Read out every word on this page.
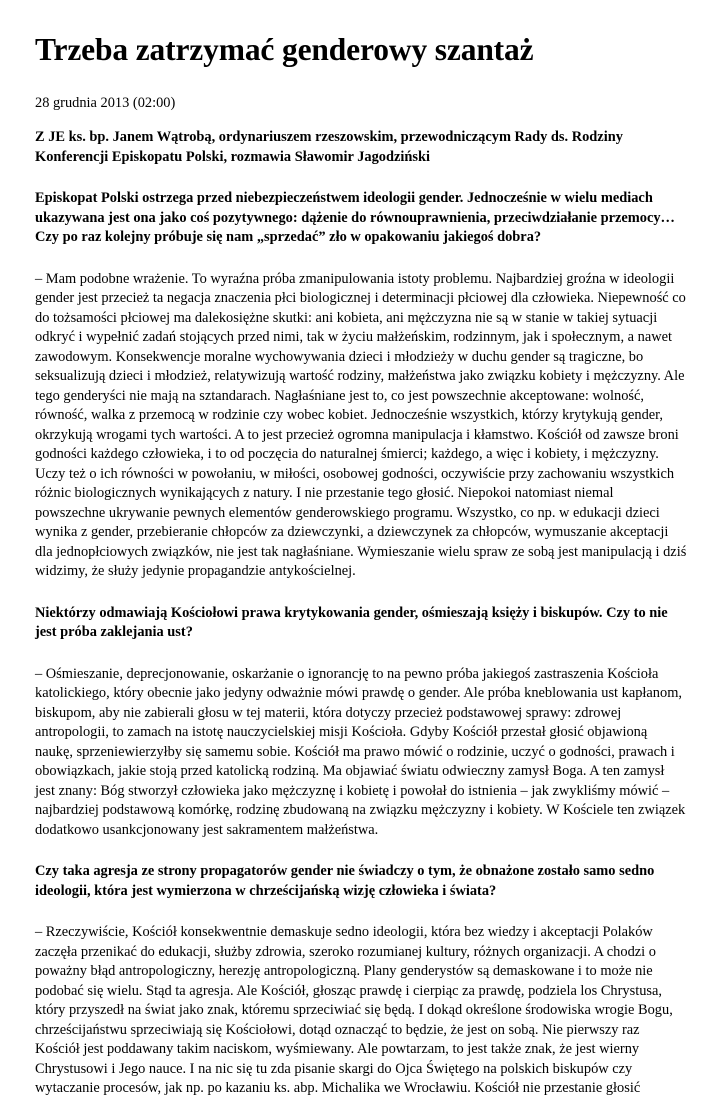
Trzeba zatrzymać genderowy szantaż

28 grudnia 2013 (02:00)

Z JE ks. bp. Janem Wątrobą, ordynariuszem rzeszowskim, przewodniczącym Rady ds. Rodziny Konferencji Episkopatu Polski, rozmawia Sławomir Jagodziński

Episkopat Polski ostrzega przed niebezpieczeństwem ideologii gender. Jednocześnie w wielu mediach ukazywana jest ona jako coś pozytywnego: dążenie do równouprawnienia, przeciwdziałanie przemocy… Czy po raz kolejny próbuje się nam „sprzedać” zło w opakowaniu jakiegoś dobra?

– Mam podobne wrażenie. To wyraźna próba zmanipulowania istoty problemu. Najbardziej groźna w ideologii gender jest przecież ta negacja znaczenia płci biologicznej i determinacji płciowej dla człowieka. Niepewność co do tożsamości płciowej ma dalekosiężne skutki: ani kobieta, ani mężczyzna nie są w stanie w takiej sytuacji odkryć i wypełnić zadań stojących przed nimi, tak w życiu małżeńskim, rodzinnym, jak i społecznym, a nawet zawodowym. Konsekwencje moralne wychowywania dzieci i młodzieży w duchu gender są tragiczne, bo seksualizują dzieci i młodzież, relatywizują wartość rodziny, małżeństwa jako związku kobiety i mężczyzny. Ale tego genderyści nie mają na sztandarach. Nagłaśniane jest to, co jest powszechnie akceptowane: wolność, równość, walka z przemocą w rodzinie czy wobec kobiet. Jednocześnie wszystkich, którzy krytykują gender, okrzykują wrogami tych wartości. A to jest przecież ogromna manipulacja i kłamstwo. Kościół od zawsze broni godności każdego człowieka, i to od poczęcia do naturalnej śmierci; każdego, a więc i kobiety, i mężczyzny. Uczy też o ich równości w powołaniu, w miłości, osobowej godności, oczywiście przy zachowaniu wszystkich różnic biologicznych wynikających z natury. I nie przestanie tego głosić. Niepokoi natomiast niemal powszechne ukrywanie pewnych elementów genderowskiego programu. Wszystko, co np. w edukacji dzieci wynika z gender, przebieranie chłopców za dziewczynki, a dziewczynek za chłopców, wymuszanie akceptacji dla jednopłciowych związków, nie jest tak nagłaśniane. Wymieszanie wielu spraw ze sobą jest manipulacją i dziś widzimy, że służy jedynie propagandzie antykościelnej.

Niektórzy odmawiają Kościołowi prawa krytykowania gender, ośmieszają księży i biskupów. Czy to nie jest próba zaklejania ust?

– Ośmieszanie, deprecjonowanie, oskarżanie o ignorancję to na pewno próba jakiegoś zastraszenia Kościoła katolickiego, który obecnie jako jedyny odważnie mówi prawdę o gender. Ale próba kneblowania ust kapłanom, biskupom, aby nie zabierali głosu w tej materii, która dotyczy przecież podstawowej sprawy: zdrowej antropologii, to zamach na istotę nauczycielskiej misji Kościoła. Gdyby Kościół przestał głosić objawioną naukę, sprzeniewierzyłby się samemu sobie. Kościół ma prawo mówić o rodzinie, uczyć o godności, prawach i obowiązkach, jakie stoją przed katolicką rodziną. Ma objawiać światu odwieczny zamysł Boga. A ten zamysł jest znany: Bóg stworzył człowieka jako mężczyznę i kobietę i powołał do istnienia – jak zwykliśmy mówić – najbardziej podstawową komórkę, rodzinę zbudowaną na związku mężczyzny i kobiety. W Kościele ten związek dodatkowo usankcjonowany jest sakramentem małżeństwa.

Czy taka agresja ze strony propagatorów gender nie świadczy o tym, że obnażone zostało samo sedno ideologii, która jest wymierzona w chrześcijańską wizję człowieka i świata?

– Rzeczywiście, Kościół konsekwentnie demaskuje sedno ideologii, która bez wiedzy i akceptacji Polaków zaczęła przenikać do edukacji, służby zdrowia, szeroko rozumianej kultury, różnych organizacji. A chodzi o poważny błąd antropologiczny, herezję antropologiczną. Plany genderystów są demaskowane i to może nie podobać się wielu. Stąd ta agresja. Ale Kościół, głosząc prawdę i cierpiąc za prawdę, podziela los Chrystusa, który przyszedł na świat jako znak, któremu sprzeciwiać się będą. I dokąd określone środowiska wrogie Bogu, chrześcijaństwu sprzeciwiają się Kościołowi, dotąd oznacząć to będzie, że jest on sobą. Nie pierwszy raz Kościół jest poddawany takim naciskom, wyśmiewany. Ale powtarzam, to jest także znak, że jest wierny Chrystusowi i Jego nauce. I na nic się tu zda pisanie skargi do Ojca Świętego na polskich biskupów czy wytaczanie procesów, jak np. po kazaniu ks. abp. Michalika we Wrocławiu. Kościół nie przestanie głosić
